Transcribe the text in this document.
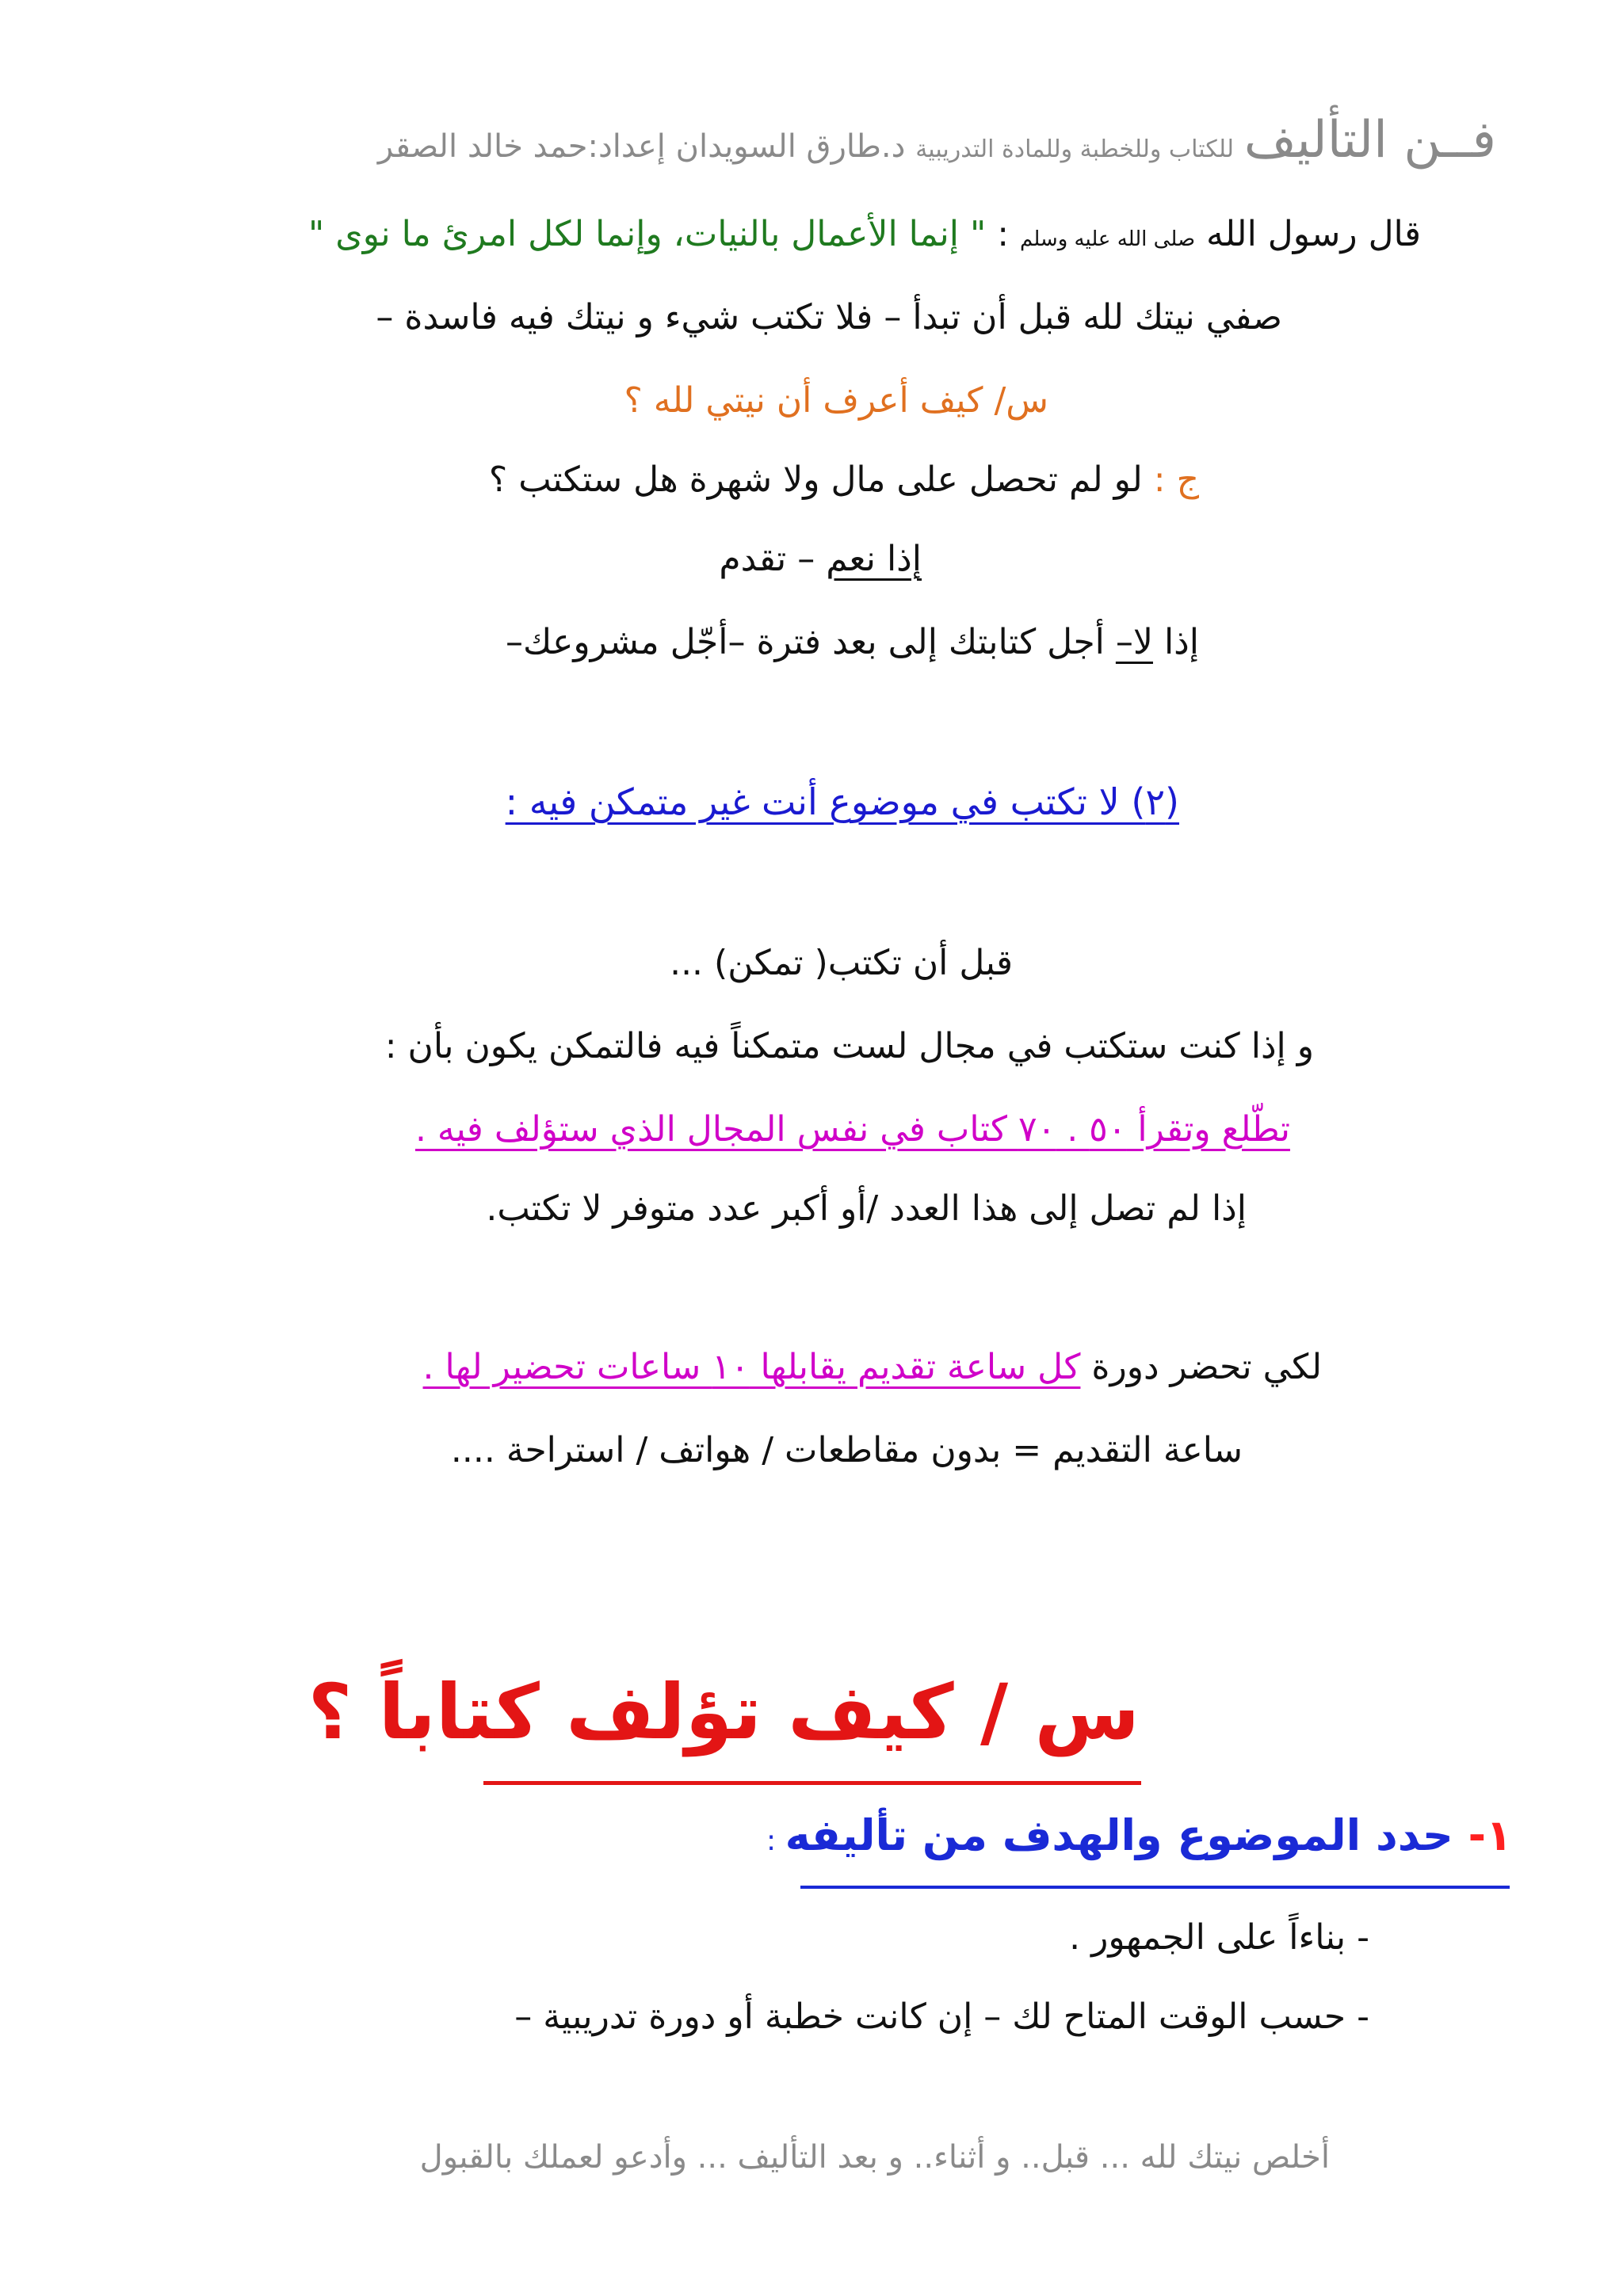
فــن التأليف للكتاب وللخطبة وللمادة التدريبية د.طارق السويدان إعداد:حمد خالد الصقر
قال رسول الله صلى الله عليه وسلم : " إنما الأعمال بالنيات، وإنما لكل امرئ ما نوى "
صفي نيتك لله قبل أن تبدأ – فلا تكتب شيء و نيتك فيه فاسدة –
س/ كيف أعرف أن نيتي لله ؟
ج : لو لم تحصل على مال ولا شهرة هل ستكتب ؟
إذا نعم – تقدم
إذا لا– أجل كتابتك إلى بعد فترة –أجّل مشروعك–
(٢) لا تكتب في موضوع أنت غير متمكن فيه :
قبل أن تكتب( تمكن) ...
و إذا كنت ستكتب في مجال لست متمكناً فيه فالتمكن يكون بأن :
تطّلع وتقرأ ٥٠ . ٧٠ كتاب في نفس المجال الذي ستؤلف فيه .
إذا لم تصل إلى هذا العدد /أو أكبر عدد متوفر لا تكتب.
لكي تحضر دورة كل ساعة تقديم يقابلها ١٠ ساعات تحضير لها .
ساعة التقديم = بدون مقاطعات / هواتف / استراحة ....
س / كيف تؤلف كتاباً ؟
١- حدد الموضوع والهدف من تأليفه :
- بناءاً على الجمهور .
- حسب الوقت المتاح لك – إن كانت خطبة أو دورة تدريبية –
أخلص نيتك لله ... قبل.. و أثناء.. و بعد التأليف ... وأدعو لعملك بالقبول
